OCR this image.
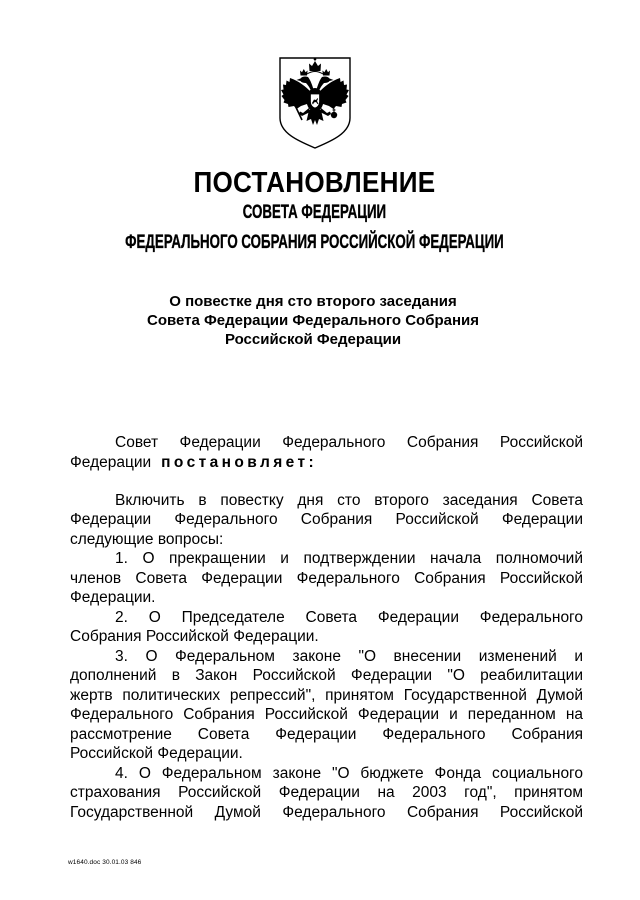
ПОСТАНОВЛЕНИЕ
СОВЕТА ФЕДЕРАЦИИ
ФЕДЕРАЛЬНОГО СОБРАНИЯ РОССИЙСКОЙ ФЕДЕРАЦИИ
О повестке дня сто второго заседания
Совета Федерации Федерального Собрания
Российской Федерации
Совет Федерации Федерального Собрания Российской
Федерации постановляет:
Включить в повестку дня сто второго заседания Совета
Федерации Федерального Собрания Российской Федерации
следующие вопросы:
1. О прекращении и подтверждении начала полномочий
членов Совета Федерации Федерального Собрания Российской
Федерации.
2. О Председателе Совета Федерации Федерального
Собрания Российской Федерации.
3. О Федеральном законе "О внесении изменений и
дополнений в Закон Российской Федерации "О реабилитации
жертв политических репрессий", принятом Государственной Думой
Федерального Собрания Российской Федерации и переданном на
рассмотрение Совета Федерации Федерального Собрания
Российской Федерации.
4. О Федеральном законе "О бюджете Фонда социального
страхования Российской Федерации на 2003 год", принятом
Государственной Думой Федерального Собрания Российской
w1640.doc 30.01.03 846
